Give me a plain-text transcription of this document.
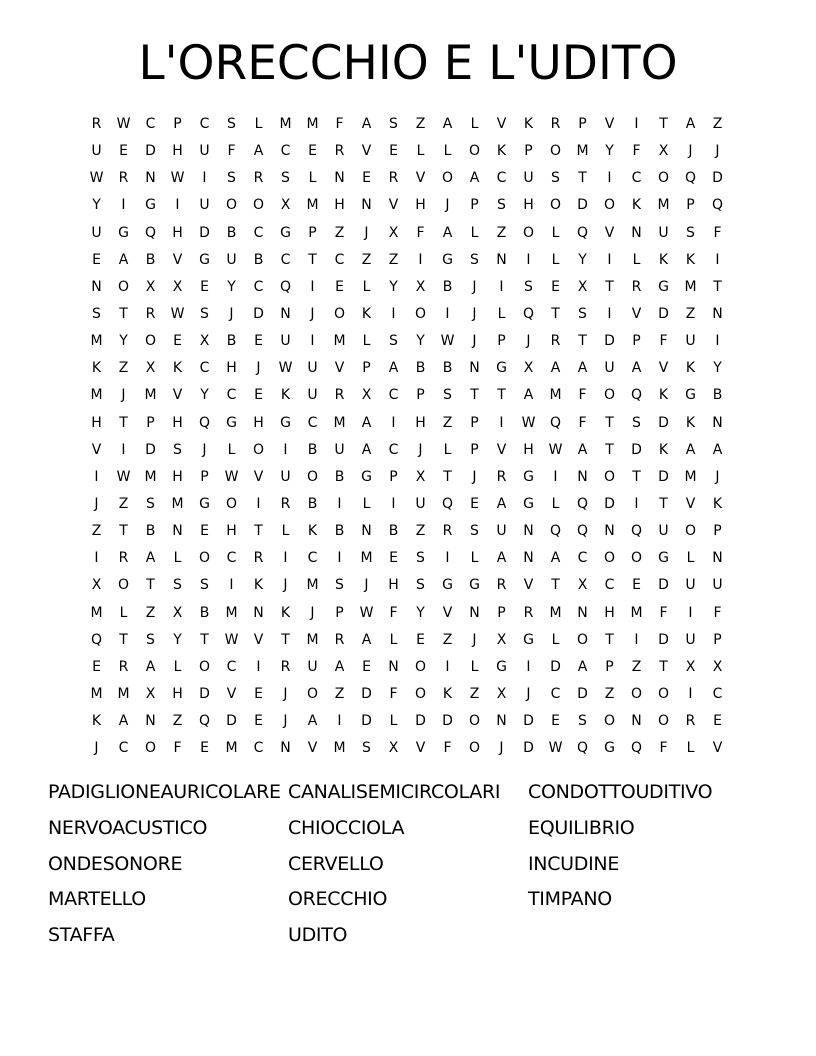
L'ORECCHIO E L'UDITO
R	W	C	P	C	S	L	M	M	F	A	S	Z	A	L	V	K	R	P	V	I	T	A	Z
U	E	D	H	U	F	A	C	E	R	V	E	L	L	O	K	P	O	M	Y	F	X	J	J
W	R	N	W	I	S	R	S	L	N	E	R	V	O	A	C	U	S	T	I	C	O	Q	D
Y	I	G	I	U	O	O	X	M	H	N	V	H	J	P	S	H	O	D	O	K	M	P	Q
U	G	Q	H	D	B	C	G	P	Z	J	X	F	A	L	Z	O	L	Q	V	N	U	S	F
E	A	B	V	G	U	B	C	T	C	Z	Z	I	G	S	N	I	L	Y	I	L	K	K	I
N	O	X	X	E	Y	C	Q	I	E	L	Y	X	B	J	I	S	E	X	T	R	G	M	T
S	T	R	W	S	J	D	N	J	O	K	I	O	I	J	L	Q	T	S	I	V	D	Z	N
M	Y	O	E	X	B	E	U	I	M	L	S	Y	W	J	P	J	R	T	D	P	F	U	I
K	Z	X	K	C	H	J	W	U	V	P	A	B	B	N	G	X	A	A	U	A	V	K	Y
M	J	M	V	Y	C	E	K	U	R	X	C	P	S	T	T	A	M	F	O	Q	K	G	B
H	T	P	H	Q	G	H	G	C	M	A	I	H	Z	P	I	W	Q	F	T	S	D	K	N
V	I	D	S	J	L	O	I	B	U	A	C	J	L	P	V	H	W	A	T	D	K	A	A
I	W	M	H	P	W	V	U	O	B	G	P	X	T	J	R	G	I	N	O	T	D	M	J
J	Z	S	M	G	O	I	R	B	I	L	I	U	Q	E	A	G	L	Q	D	I	T	V	K
Z	T	B	N	E	H	T	L	K	B	N	B	Z	R	S	U	N	Q	Q	N	Q	U	O	P
I	R	A	L	O	C	R	I	C	I	M	E	S	I	L	A	N	A	C	O	O	G	L	N
X	O	T	S	S	I	K	J	M	S	J	H	S	G	G	R	V	T	X	C	E	D	U	U
M	L	Z	X	B	M	N	K	J	P	W	F	Y	V	N	P	R	M	N	H	M	F	I	F
Q	T	S	Y	T	W	V	T	M	R	A	L	E	Z	J	X	G	L	O	T	I	D	U	P
E	R	A	L	O	C	I	R	U	A	E	N	O	I	L	G	I	D	A	P	Z	T	X	X
M	M	X	H	D	V	E	J	O	Z	D	F	O	K	Z	X	J	C	D	Z	O	O	I	C
K	A	N	Z	Q	D	E	J	A	I	D	L	D	D	O	N	D	E	S	O	N	O	R	E
J	C	O	F	E	M	C	N	V	M	S	X	V	F	O	J	D	W	Q	G	Q	F	L	V
PADIGLIONEAURICOLARE CANALISEMICIRCOLARI	CONDOTTOUDITIVO
NERVOACUSTICO	CHIOCCIOLA	EQUILIBRIO
ONDESONORE	CERVELLO	INCUDINE
MARTELLO	ORECCHIO	TIMPANO
STAFFA	UDITO
